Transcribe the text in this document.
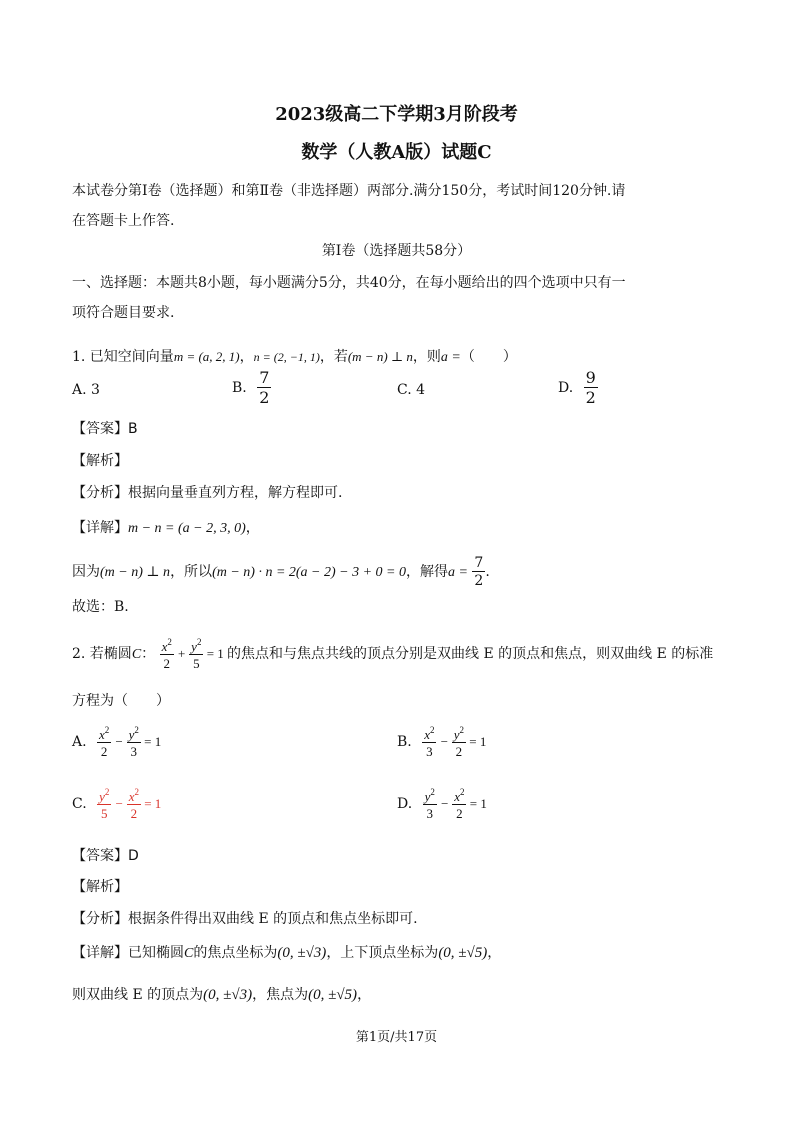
2023级高二下学期3月阶段考
数学（人教A版）试题C
本试卷分第Ⅰ卷（选择题）和第Ⅱ卷（非选择题）两部分.满分150分，考试时间120分钟.请
在答题卡上作答.
第Ⅰ卷（选择题共58分）
一、选择题：本题共8小题，每小题满分5分，共40分，在每小题给出的四个选项中只有一
项符合题目要求.
1. 已知空间向量m = (a, 2, 1)，n = (2, −1, 1)，若(m − n) ⊥ n，则a =（　　）
A. 3	B. $\frac{7}{2}$	C. 4	D. $\frac{9}{2}$
【答案】B
【解析】
【分析】根据向量垂直列方程，解方程即可.
【详解】m − n = (a − 2, 3, 0)，
因为(m − n) ⊥ n，所以(m − n) · n = 2(a − 2) − 3 + 0 = 0，解得$a = \frac{7}{2}$ .
故选：B.
2. 若椭圆C： $\frac{x^2}{2} + \frac{y^2}{5} = 1$ 的焦点和与焦点共线的顶点分别是双曲线 E 的顶点和焦点，则双曲线 E 的标准
方程为（　　）
A. $\frac{x^2}{2} - \frac{y^2}{3} = 1$	B. $\frac{x^2}{3} - \frac{y^2}{2} = 1$
C. $\frac{y^2}{5} - \frac{x^2}{2} = 1$	D. $\frac{y^2}{3} - \frac{x^2}{2} = 1$
【答案】D
【解析】
【分析】根据条件得出双曲线 E 的顶点和焦点坐标即可.
【详解】已知椭圆C的焦点坐标为(0, ±√3)，上下顶点坐标为(0, ±√5)，
则双曲线 E 的顶点为(0, ±√3)，焦点为(0, ±√5)，
第1页/共17页
